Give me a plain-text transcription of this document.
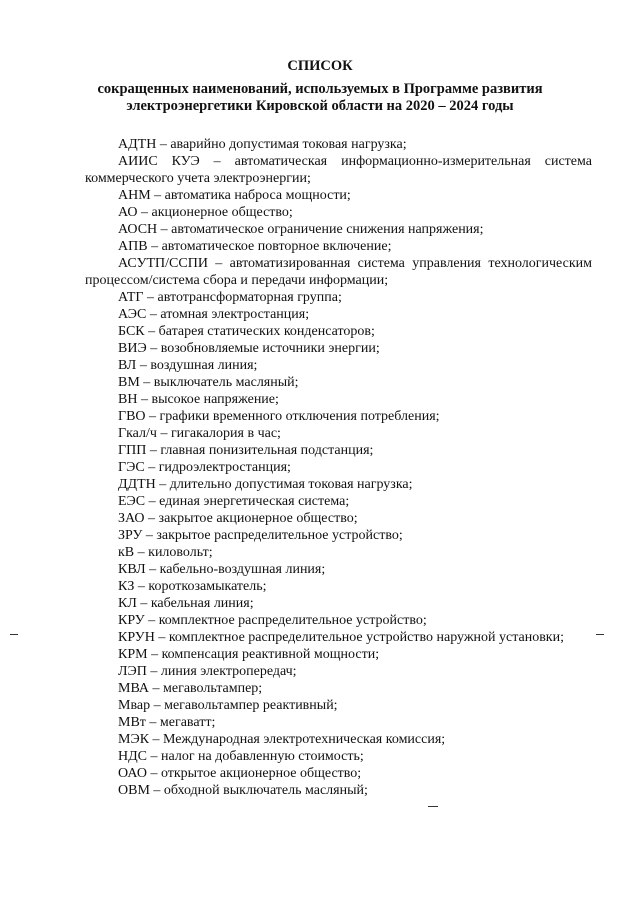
СПИСОК
сокращенных наименований, используемых в Программе развития
электроэнергетики Кировской области на 2020 – 2024 годы

АДТН – аварийно допустимая токовая нагрузка;

АИИС КУЭ – автоматическая информационно-измерительная система коммерческого учета электроэнергии;

АНМ – автоматика наброса мощности;

АО – акционерное общество;

АОСН – автоматическое ограничение снижения напряжения;

АПВ – автоматическое повторное включение;

АСУТП/ССПИ – автоматизированная система управления технологическим процессом/система сбора и передачи информации;

АТГ – автотрансформаторная группа;

АЭС – атомная электростанция;

БСК – батарея статических конденсаторов;

ВИЭ – возобновляемые источники энергии;

ВЛ – воздушная линия;

ВМ – выключатель масляный;

ВН – высокое напряжение;

ГВО – графики временного отключения потребления;

Гкал/ч – гигакалория в час;

ГПП – главная понизительная подстанция;

ГЭС – гидроэлектростанция;

ДДТН – длительно допустимая токовая нагрузка;

ЕЭС – единая энергетическая система;

ЗАО – закрытое акционерное общество;

ЗРУ – закрытое распределительное устройство;

кВ – киловольт;

КВЛ – кабельно-воздушная линия;

КЗ – короткозамыкатель;

КЛ – кабельная линия;

КРУ – комплектное распределительное устройство;

КРУН – комплектное распределительное устройство наружной установки;

КРМ – компенсация реактивной мощности;

ЛЭП – линия электропередач;

МВА – мегавольтампер;

Мвар – мегавольтампер реактивный;

МВт – мегаватт;

МЭК – Международная электротехническая комиссия;

НДС – налог на добавленную стоимость;

ОАО – открытое акционерное общество;

ОВМ – обходной выключатель масляный;
